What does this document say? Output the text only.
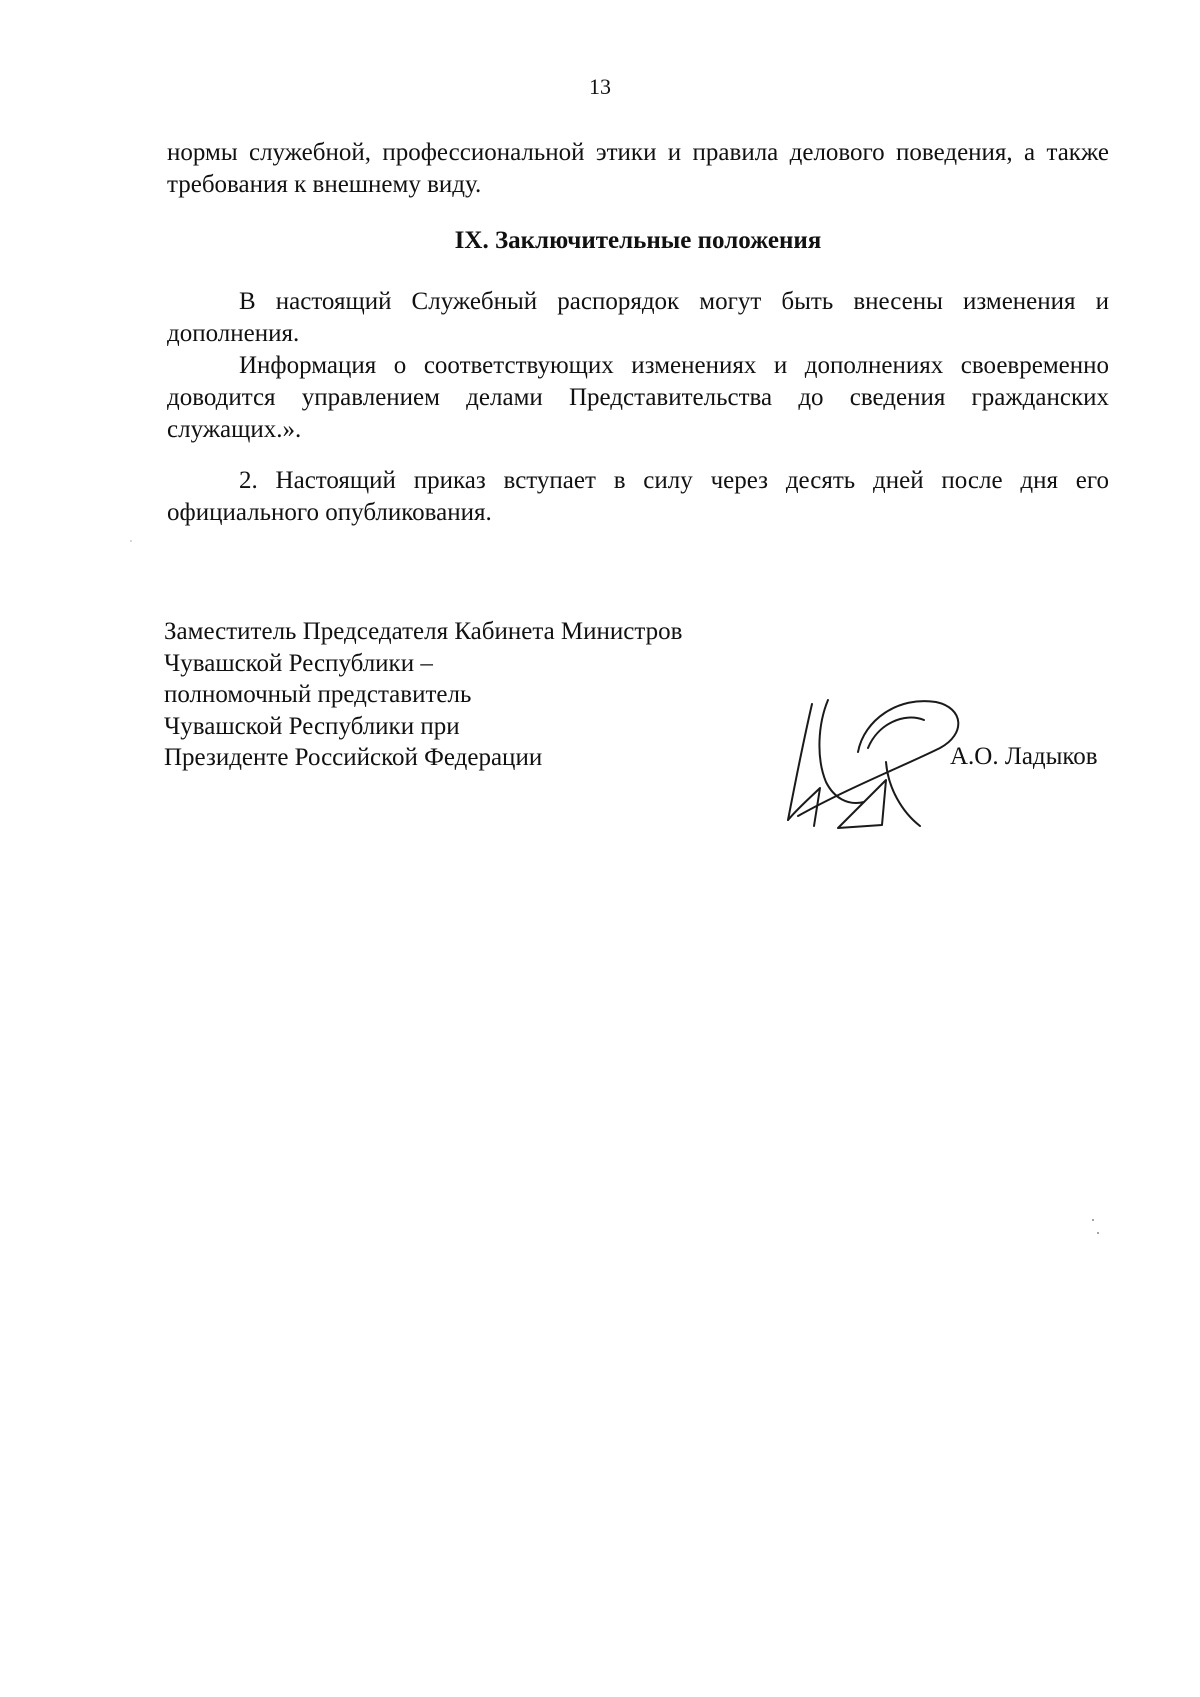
13

нормы служебной, профессиональной этики и правила делового поведения, а также требования к внешнему виду.

IX. Заключительные положения

В настоящий Служебный распорядок могут быть внесены изменения и дополнения.

Информация о соответствующих изменениях и дополнениях своевременно доводится управлением делами Представительства до сведения гражданских служащих.».

2. Настоящий приказ вступает в силу через десять дней после дня его официального опубликования.

Заместитель Председателя Кабинета Министров
Чувашской Республики –
полномочный представитель
Чувашской Республики при
Президенте Российской Федерации	А.О. Ладыков
